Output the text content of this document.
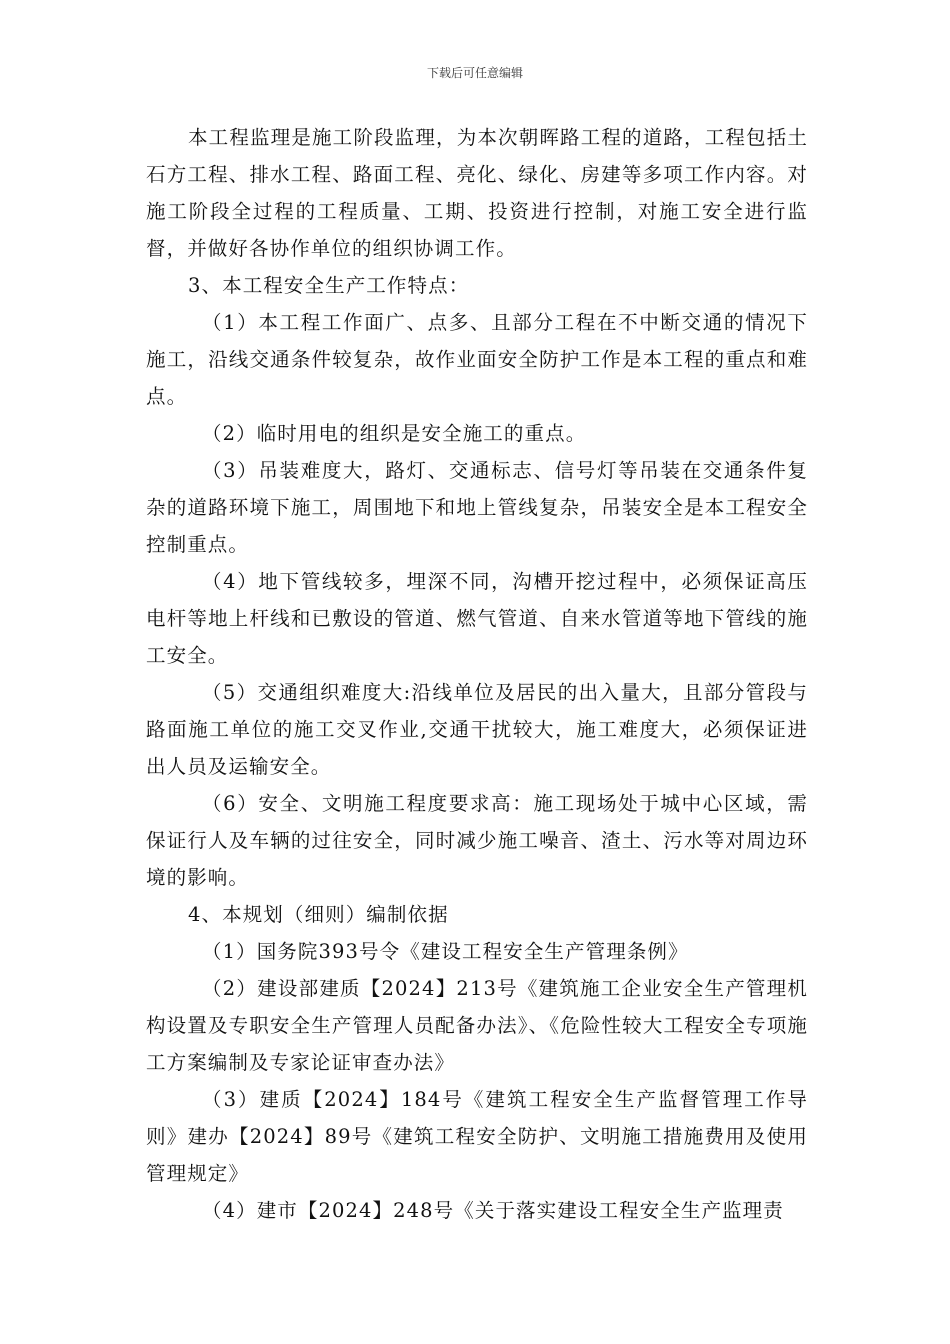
下载后可任意编辑

本工程监理是施工阶段监理，为本次朝晖路工程的道路，工程包括土石方工程、排水工程、路面工程、亮化、绿化、房建等多项工作内容。对施工阶段全过程的工程质量、工期、投资进行控制，对施工安全进行监督，并做好各协作单位的组织协调工作。

3、本工程安全生产工作特点：

（1）本工程工作面广、点多、且部分工程在不中断交通的情况下施工，沿线交通条件较复杂，故作业面安全防护工作是本工程的重点和难点。

（2）临时用电的组织是安全施工的重点。

（3）吊装难度大，路灯、交通标志、信号灯等吊装在交通条件复杂的道路环境下施工，周围地下和地上管线复杂，吊装安全是本工程安全控制重点。

（4）地下管线较多，埋深不同，沟槽开挖过程中，必须保证高压电杆等地上杆线和已敷设的管道、燃气管道、自来水管道等地下管线的施工安全。

（5）交通组织难度大:沿线单位及居民的出入量大，且部分管段与路面施工单位的施工交叉作业,交通干扰较大，施工难度大，必须保证进出人员及运输安全。

（6）安全、文明施工程度要求高：施工现场处于城中心区域，需保证行人及车辆的过往安全，同时减少施工噪音、渣土、污水等对周边环境的影响。

4、本规划（细则）编制依据

（1）国务院393号令《建设工程安全生产管理条例》

（2）建设部建质【2024】213号《建筑施工企业安全生产管理机构设置及专职安全生产管理人员配备办法》、《危险性较大工程安全专项施工方案编制及专家论证审查办法》

（3）建质【2024】184号《建筑工程安全生产监督管理工作导则》建办【2024】89号《建筑工程安全防护、文明施工措施费用及使用管理规定》

（4）建市【2024】248号《关于落实建设工程安全生产监理责
